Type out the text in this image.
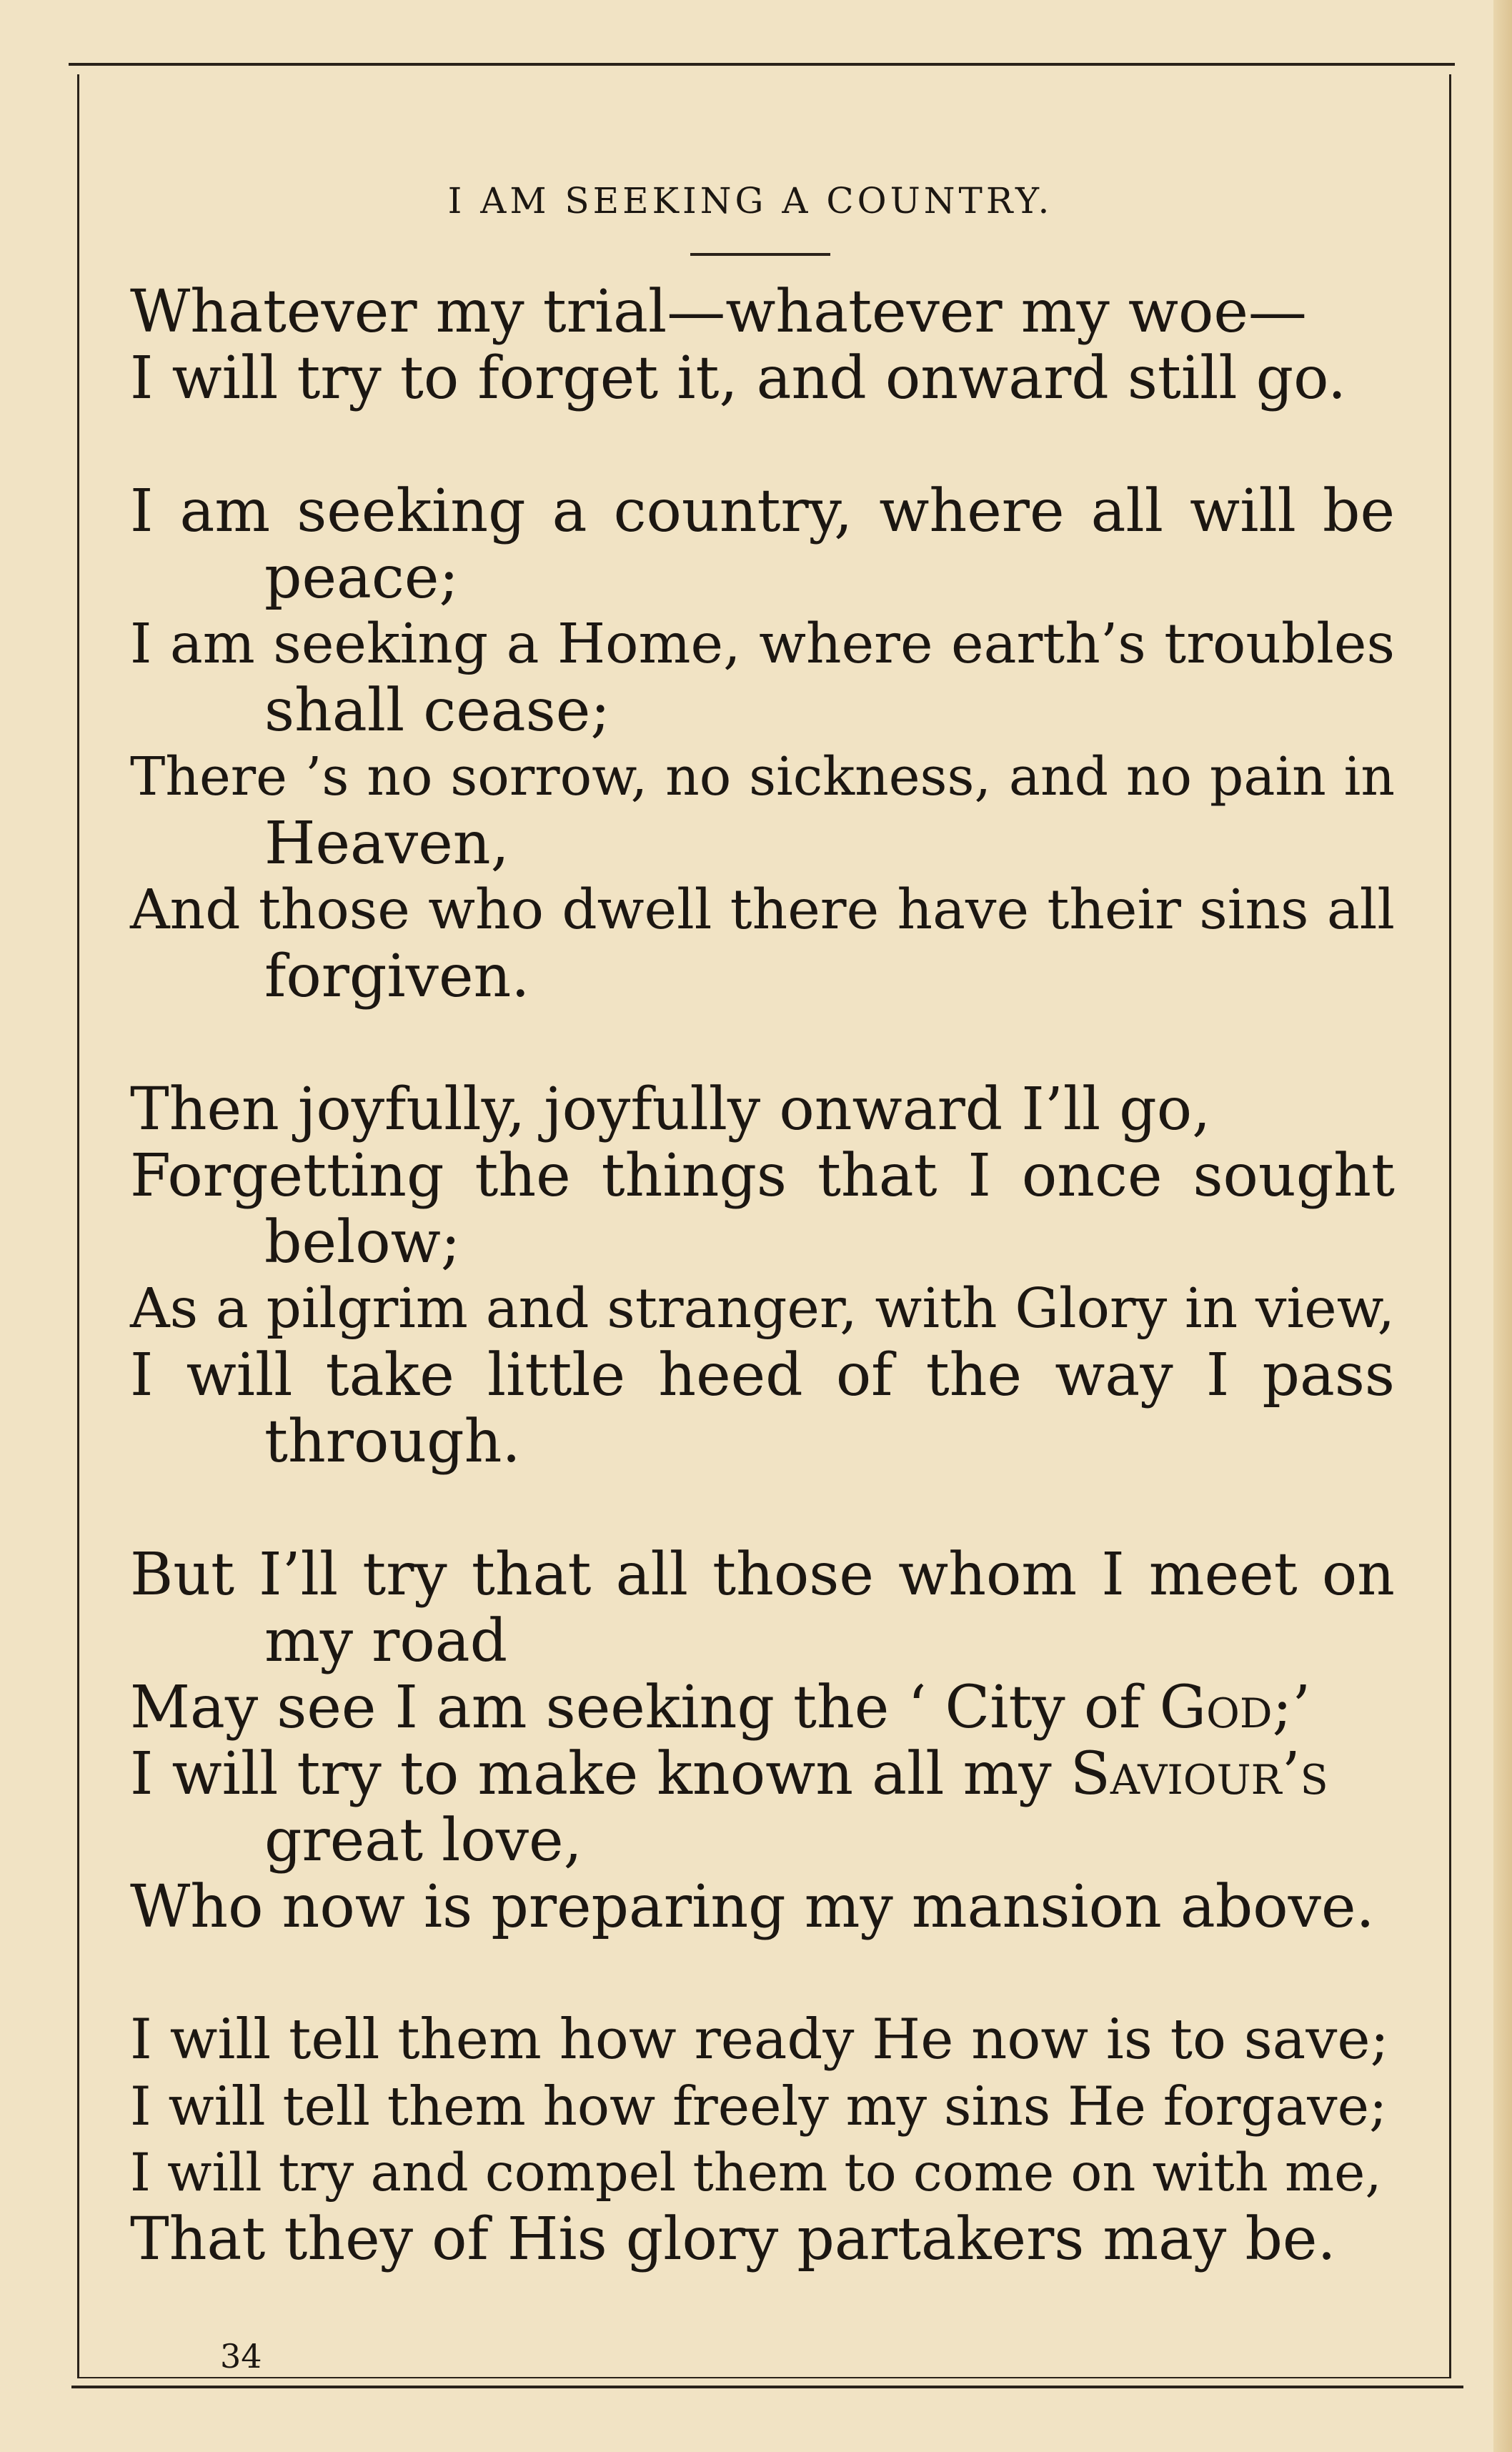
I AM SEEKING A COUNTRY.
Whatever my trial—whatever my woe—
I will try to forget it, and onward still go.
I am seeking a country, where all will be
peace;
I am seeking a Home, where earth’s troubles
shall cease;
There ’s no sorrow, no sickness, and no pain in
Heaven,
And those who dwell there have their sins all
forgiven.
Then joyfully, joyfully onward I’ll go,
Forgetting the things that I once sought
below;
As a pilgrim and stranger, with Glory in view,
I will take little heed of the way I pass
through.
But I’ll try that all those whom I meet on
my road
May see I am seeking the ‘ City of God;’
I will try to make known all my Saviour’s
great love,
Who now is preparing my mansion above.
I will tell them how ready He now is to save;
I will tell them how freely my sins He forgave;
I will try and compel them to come on with me,
That they of His glory partakers may be.
34
